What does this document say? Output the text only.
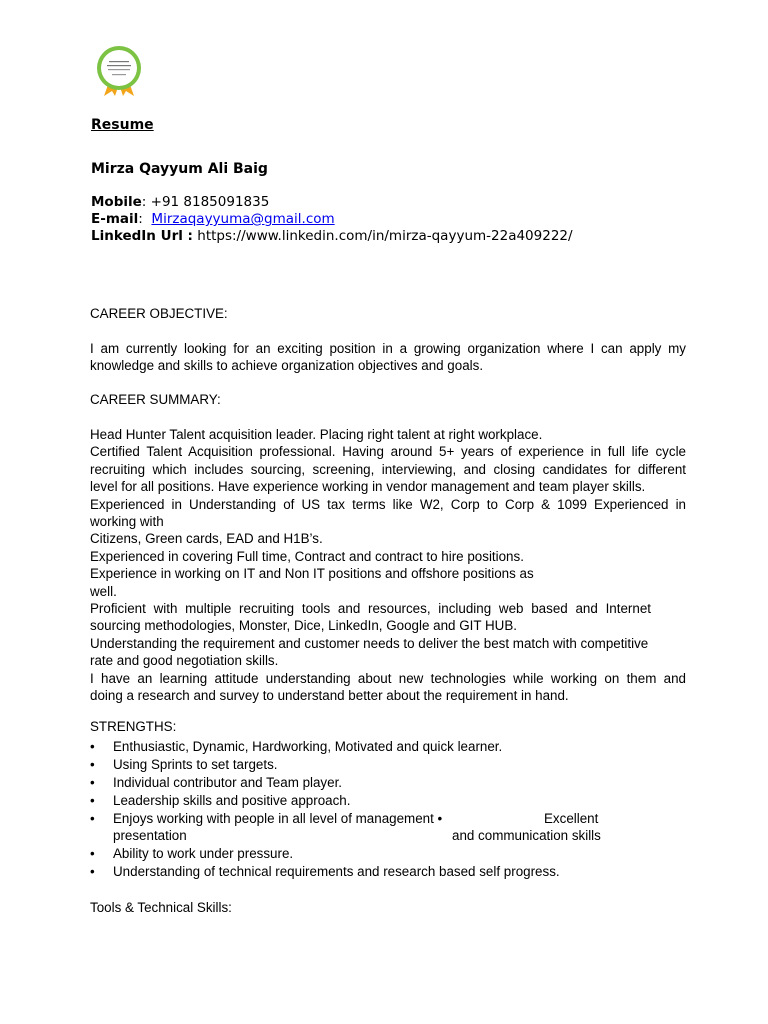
Resume
Mirza Qayyum Ali Baig
Mobile: +91 8185091835
E-mail: Mirzaqayyuma@gmail.com
LinkedIn Url : https://www.linkedin.com/in/mirza-qayyum-22a409222/
CAREER OBJECTIVE:

I am currently looking for an exciting position in a growing organization where I can apply my

knowledge and skills to achieve organization objectives and goals.

CAREER SUMMARY:

Head Hunter Talent acquisition leader. Placing right talent at right workplace.

Certified Talent Acquisition professional. Having around 5+ years of experience in full life cycle

recruiting which includes sourcing, screening, interviewing, and closing candidates for different

level for all positions. Have experience working in vendor management and team player skills.

Experienced in Understanding of US tax terms like W2, Corp to Corp & 1099 Experienced in

working with

Citizens, Green cards, EAD and H1B’s.

Experienced in covering Full time, Contract and contract to hire positions.

Experience in working on IT and Non IT positions and offshore positions as

well.

Proficient with multiple recruiting tools and resources, including web based and Internet

sourcing methodologies, Monster, Dice, LinkedIn, Google and GIT HUB.

Understanding the requirement and customer needs to deliver the best match with competitive

rate and good negotiation skills.

I have an learning attitude understanding about new technologies while working on them and

doing a research and survey to understand better about the requirement in hand.

STRENGTHS:
• Enthusiastic, Dynamic, Hardworking, Motivated and quick learner.
• Using Sprints to set targets.
• Individual contributor and Team player.
• Leadership skills and positive approach.
• Enjoys working with people in all level of management •	Excellent
presentation	and communication skills
• Ability to work under pressure.
• Understanding of technical requirements and research based self progress.
Tools & Technical Skills:
